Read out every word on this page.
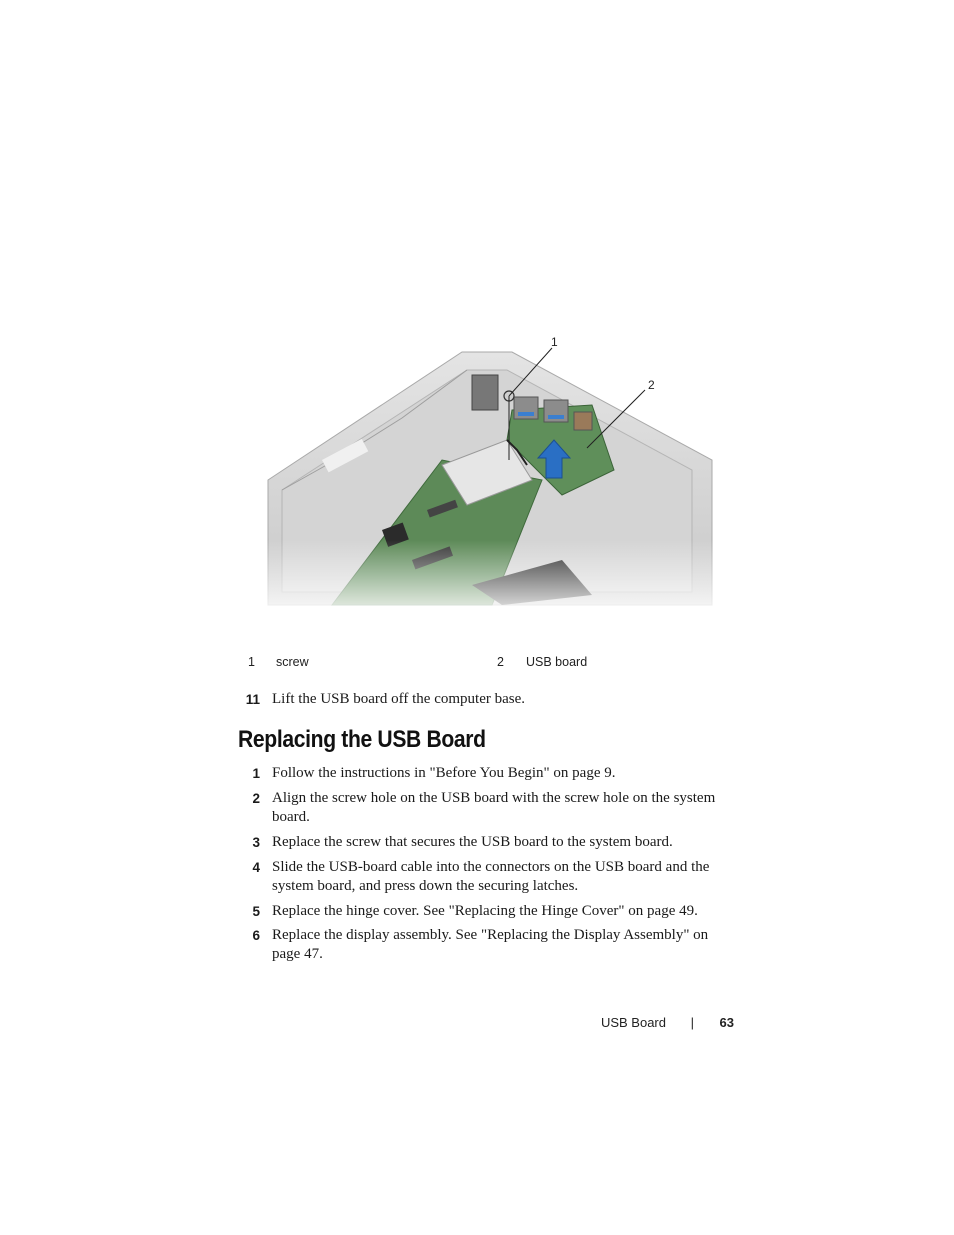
1
2
1 screw	2 USB board
11 Lift the USB board off the computer base.
Replacing the USB Board
1 Follow the instructions in "Before You Begin" on page 9.
2 Align the screw hole on the USB board with the screw hole on the system board.
3 Replace the screw that secures the USB board to the system board.
4 Slide the USB-board cable into the connectors on the USB board and the system board, and press down the securing latches.
5 Replace the hinge cover. See "Replacing the Hinge Cover" on page 49.
6 Replace the display assembly. See "Replacing the Display Assembly" on page 47.
USB Board | 63
